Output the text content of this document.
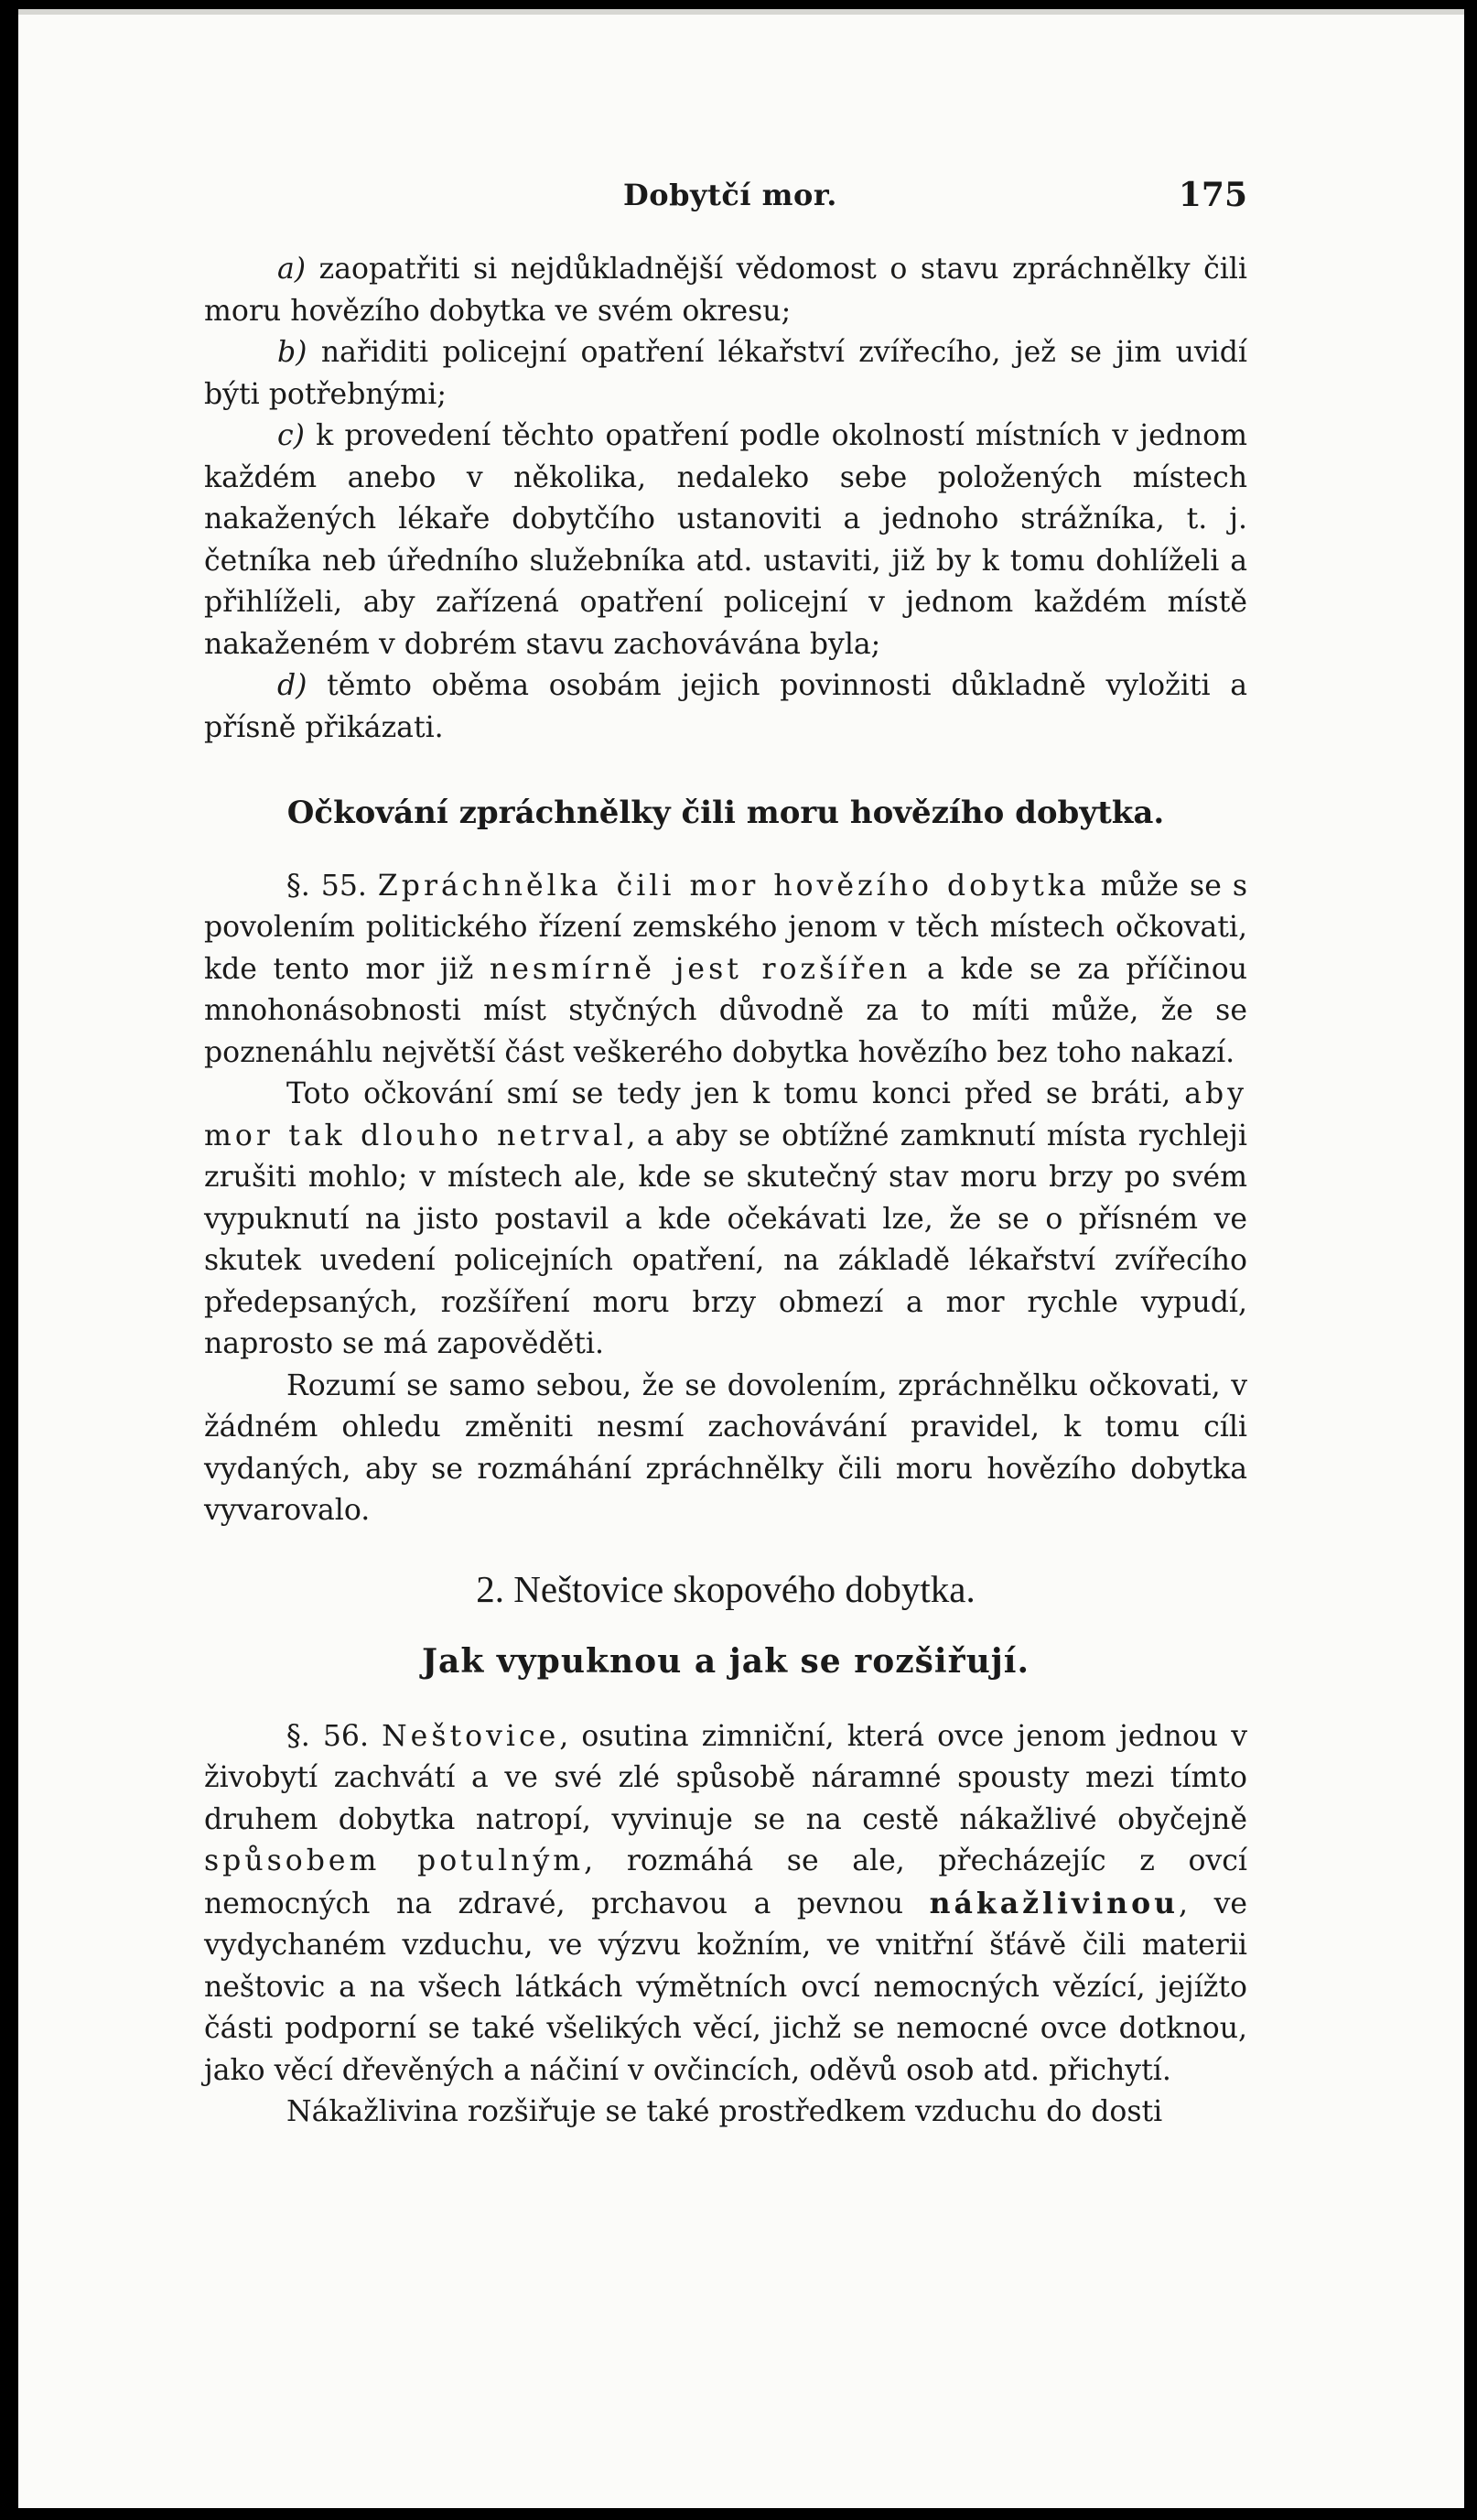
Dobytčí mor.	175

a) zaopatřiti si nejdůkladnější vědomost o stavu zpráchnělky čili moru hovězího dobytka ve svém okresu;

b) nařiditi policejní opatření lékařství zvířecího, jež se jim uvidí býti potřebnými;

c) k provedení těchto opatření podle okolností místních v jednom každém anebo v několika, nedaleko sebe položených místech nakažených lékaře dobytčího ustanoviti a jednoho strážníka, t. j. četníka neb úředního služebníka atd. ustaviti, již by k tomu dohlíželi a přihlíželi, aby zařízená opatření policejní v jednom každém místě nakaženém v dobrém stavu zachovávána byla;

d) těmto oběma osobám jejich povinnosti důkladně vyložiti a přísně přikázati.

Očkování zpráchnělky čili moru hovězího dobytka.

§. 55. Zpráchnělka čili mor hovězího dobytka může se s povolením politického řízení zemského jenom v těch místech očkovati, kde tento mor již nesmírně jest rozšířen a kde se za příčinou mnohonásobnosti míst styčných důvodně za to míti může, že se poznenáhlu největší část veškerého dobytka hovězího bez toho nakazí.

Toto očkování smí se tedy jen k tomu konci před se bráti, aby mor tak dlouho netrval, a aby se obtížné zamknutí místa rychleji zrušiti mohlo; v místech ale, kde se skutečný stav moru brzy po svém vypuknutí na jisto postavil a kde očekávati lze, že se o přísném ve skutek uvedení policejních opatření, na základě lékařství zvířecího předepsaných, rozšíření moru brzy obmezí a mor rychle vypudí, naprosto se má zapověděti.

Rozumí se samo sebou, že se dovolením, zpráchnělku očkovati, v žádném ohledu změniti nesmí zachovávání pravidel, k tomu cíli vydaných, aby se rozmáhání zpráchnělky čili moru hovězího dobytka vyvarovalo.

2. Neštovice skopového dobytka.

Jak vypuknou a jak se rozšiřují.

§. 56. Neštovice, osutina zimniční, která ovce jenom jednou v živobytí zachvátí a ve své zlé spůsobě náramné spousty mezi tímto druhem dobytka natropí, vyvinuje se na cestě nákažlivé obyčejně spůsobem potulným, rozmáhá se ale, přecházejíc z ovcí nemocných na zdravé, prchavou a pevnou nákažlivinou, ve vydychaném vzduchu, ve výzvu kožním, ve vnitřní šťávě čili materii neštovic a na všech látkách výmětních ovcí nemocných vězící, jejížto části podporní se také všelikých věcí, jichž se nemocné ovce dotknou, jako věcí dřevěných a náčiní v ovčincích, oděvů osob atd. přichytí.

Nákažlivina rozšiřuje se také prostředkem vzduchu do dosti
